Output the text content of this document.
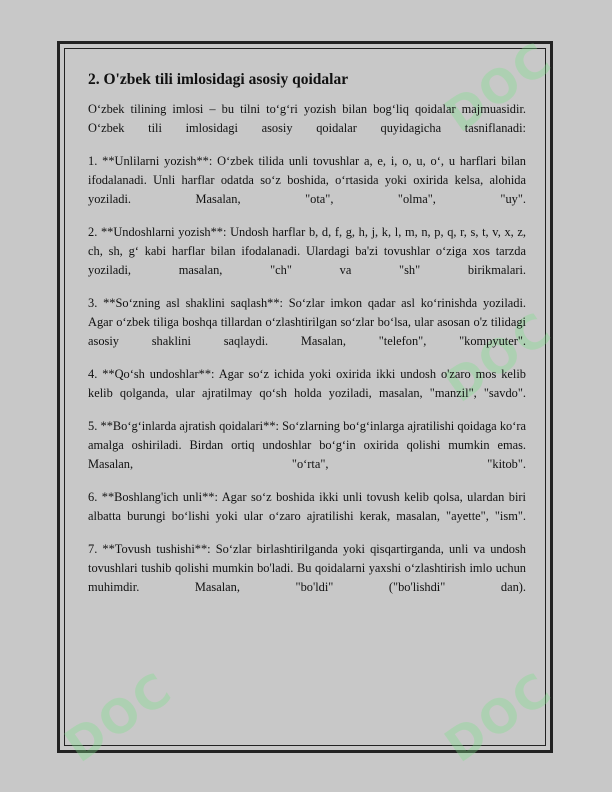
DOC
DOC
DOC	DOC
2. O'zbek tili imlosidagi asosiy qoidalar

O‘zbek tilining imlosi – bu tilni to‘g‘ri yozish bilan bog‘liq qoidalar majmuasidir. O‘zbek tili imlosidagi asosiy qoidalar quyidagicha tasniflanadi:

1. **Unlilarni yozish**: O‘zbek tilida unli tovushlar a, e, i, o, u, o‘, u harflari bilan ifodalanadi. Unli harflar odatda so‘z boshida, o‘rtasida yoki oxirida kelsa, alohida yoziladi. Masalan, "ota", "olma", "uy".

2. **Undoshlarni yozish**: Undosh harflar b, d, f, g, h, j, k, l, m, n, p, q, r, s, t, v, x, z, ch, sh, g‘ kabi harflar bilan ifodalanadi. Ulardagi ba'zi tovushlar o‘ziga xos tarzda yoziladi, masalan, "ch" va "sh" birikmalari.

3. **So‘zning asl shaklini saqlash**: So‘zlar imkon qadar asl ko‘rinishda yoziladi. Agar o‘zbek tiliga boshqa tillardan o‘zlashtirilgan so‘zlar bo‘lsa, ular asosan o'z tilidagi asosiy shaklini saqlaydi. Masalan, "telefon", "kompyuter".

4. **Qo‘sh undoshlar**: Agar so‘z ichida yoki oxirida ikki undosh o'zaro mos kelib kelib qolganda, ular ajratilmay qo‘sh holda yoziladi, masalan, "manzil", "savdo".

5. **Bo‘g‘inlarda ajratish qoidalari**: So‘zlarning bo‘g‘inlarga ajratilishi qoidaga ko‘ra amalga oshiriladi. Birdan ortiq undoshlar bo‘g‘in oxirida qolishi mumkin emas. Masalan, "o‘rta", "kitob".

6. **Boshlang'ich unli**: Agar so‘z boshida ikki unli tovush kelib qolsa, ulardan biri albatta burungi bo‘lishi yoki ular o‘zaro ajratilishi kerak, masalan, "ayette", "ism".

7. **Tovush tushishi**: So‘zlar birlashtirilganda yoki qisqartirganda, unli va undosh tovushlari tushib qolishi mumkin bo'ladi. Bu qoidalarni yaxshi o‘zlashtirish imlo uchun muhimdir. Masalan, "bo'ldi" ("bo'lishdi" dan).
